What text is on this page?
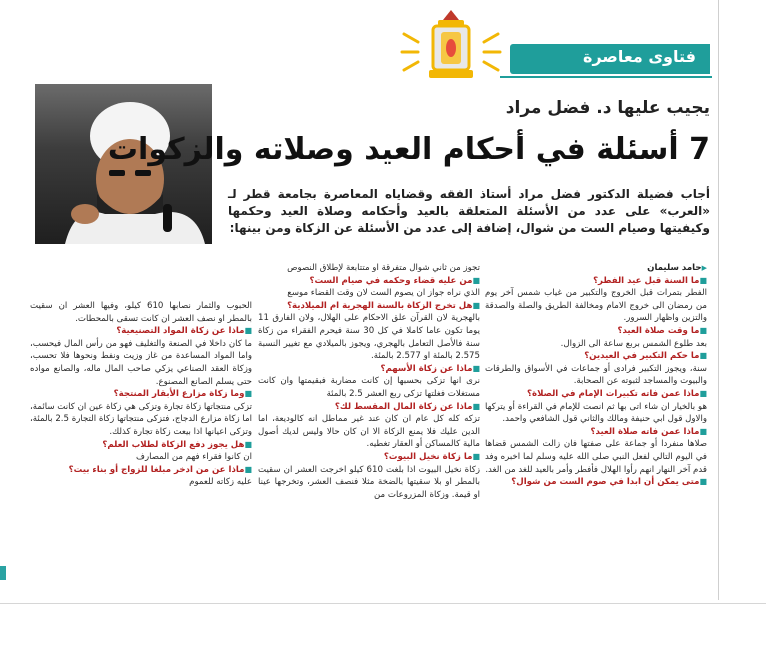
فتاوى معاصرة
يجيب عليها د. فضل مراد
7 أسئلة في أحكام العيد وصلاته والزكوات
أجاب فضيلة الدكتور فضل مراد أستاذ الفقه وقضاياه المعاصرة بجامعة قطر لـ «العرب» على عدد من الأسئلة المتعلقة بالعيد وأحكامه وصلاة العيد وحكمها وكيفيتها وصيام الست من شوال، إضافة إلى عدد من الأسئلة عن الزكاة ومن بينها:

▶ حامد سليمان

■ ما السنة قبل عيد الفطر؟

الفطر بتمرات قبل الخروج والتكبير من غياب شمس آخر يوم من رمضان الى خروج الامام ومخالفة الطريق والصلة والصدقة والتزين واظهار السرور.

■ ما وقت صلاة العيد؟

بعد طلوع الشمس بربع ساعة الى الزوال.

■ ما حكم التكبير في العيدين؟

سنة، ويجوز التكبير فرادى أو جماعات في الأسواق والطرقات والبيوت والمساجد لثبوته عن الصحابة.

■ ماذا عمن فاته تكبيرات الإمام في الصلاة؟

هو بالخيار ان شاء اتى بها ثم انصت للإمام في القراءة أو يتركها والاول قول ابي حنيفة ومالك والثاني قول الشافعي واحمد.

■ ماذا عمن فاته صلاة العيد؟

صلاها منفردا أو جماعة على صفتها فان زالت الشمس قضاها في اليوم التالي لفعل النبي صلى الله عليه وسلم لما اخبره وفد قدم آخر النهار انهم رأوا الهلال فأفطر وأمر بالعيد للغد من الغد.

■ متى يمكن أن ابدا في صوم الست من شوال؟

تجوز من ثاني شوال متفرقة او متتابعة لإطلاق النصوص

■ من عليه قضاء وحكمه في صيام الست؟

الذي نراه جواز ان يصوم الست لان وقت القضاء موسع

■ هل تخرج الزكاة بالسنة الهجرية ام الميلادية؟

بالهجرية لان القرآن علق الاحكام على الهلال، ولان الفارق 11 يوما تكون عاما كاملا في كل 30 سنة فيحرم الفقراء من زكاة سنة فالأصل التعامل بالهجري، ويجوز بالميلادي مع تغيير النسبة 2.575 بالمئة او 2.577 بالمئة.

■ ماذا عن زكاة الأسهم؟

نرى انها تزكى بحسبها إن كانت مضاربة فبقيمتها وان كانت مستغلات فغلتها تزكى ربع العشر 2.5 بالمئة

■ ماذا عن زكاة المال المقسط لك؟

تزكه كله كل عام ان كان عند غير مماطل انه كالوديعة، اما الدين عليك فلا يمنع الزكاة الا ان كان حالا وليس لديك أصول مالية كالمساكن أو العقار تغطيه.

■ ما زكاة نخيل البيوت؟

زكاة نخيل البيوت اذا بلغت 610 كيلو اخرجت العشر ان سقيت بالمطر او بلا سقيتها بالضخة مثلا فنصف العشر، وتخرجها عينا او قيمة. وزكاة المزروعات من

الحبوب والثمار نصابها 610 كيلو، وفيها العشر ان سقيت بالمطر او نصف العشر ان كانت تسقى بالمحطات.

■ ماذا عن زكاة المواد التصنيعية؟

ما كان داخلا في الصنعة والتغليف فهو من رأس المال فيحسب، واما المواد المساعدة من غاز وزيت ونفط ونحوها فلا تحسب، وزكاة العقد الصناعي يزكي صاحب المال ماله، والصانع مواده حتى يسلم الصانع المصنوع.

■ وما زكاة مزارع الأبقار المنتجة؟

تزكى منتجاتها زكاة تجارة وتزكى هي زكاة عين ان كانت سائمة، اما زكاة مزارع الدجاج، فتزكى منتجاتها زكاة التجارة 2.5 بالمئة، وتزكى اعيانها اذا بيعت زكاة تجارة كذلك.

■ هل يجوز دفع الزكاة لطلاب العلم؟

ان كانوا فقراء فهم من المصارف

■ ماذا عن من ادخر مبلغا للزواج أو بناء بيت؟

عليه زكاته للعموم
